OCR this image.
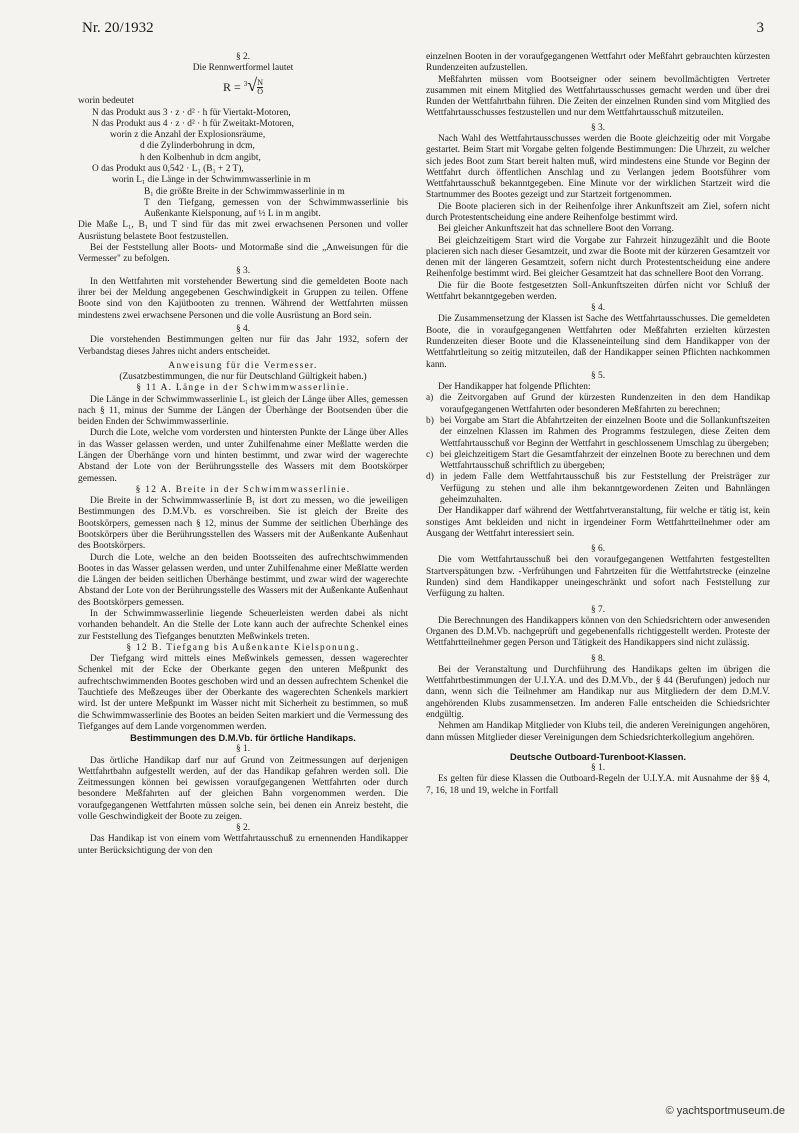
Nr. 20/1932	3

§ 2.

Die Rennwertformel lautet

$R = ^3√ \frac{N}{O}$

worin bedeutet

N das Produkt aus 3 · z · d² · h für Viertakt-Motoren,

N das Produkt aus 4 · z · d² · h für Zweitakt-Motoren,

worin z die Anzahl der Explosionsräume,

d die Zylinderbohrung in dcm,

h den Kolbenhub in dcm angibt,

O das Produkt aus 0,542 · L₁ (B₁ + 2 T),

worin L₁ die Länge in der Schwimmwasserlinie in m

B₁ die größte Breite in der Schwimmwasserlinie in m

T den Tiefgang, gemessen von der Schwimmwasserlinie bis Außenkante Kielsponung, auf ½ L in m angibt.

Die Maße L₁, B₁ und T sind für das mit zwei erwachsenen Personen und voller Ausrüstung belastete Boot festzustellen.

Bei der Feststellung aller Boots- und Motormaße sind die „Anweisungen für die Vermesser" zu befolgen.

§ 3.

In den Wettfahrten mit vorstehender Bewertung sind die gemeldeten Boote nach ihrer bei der Meldung angegebenen Geschwindigkeit in Gruppen zu teilen. Offene Boote sind von den Kajütbooten zu trennen. Während der Wettfahrten müssen mindestens zwei erwachsene Personen und die volle Ausrüstung an Bord sein.

§ 4.

Die vorstehenden Bestimmungen gelten nur für das Jahr 1932, sofern der Verbandstag dieses Jahres nicht anders entscheidet.

Anweisung für die Vermesser.

(Zusatzbestimmungen, die nur für Deutschland Gültigkeit haben.)

§ 11 A. Länge in der Schwimmwasserlinie.

Die Länge in der Schwimmwasserlinie L₁ ist gleich der Länge über Alles, gemessen nach § 11, minus der Summe der Längen der Überhänge der Bootsenden über die beiden Enden der Schwimmwasserlinie.

Durch die Lote, welche vom vordersten und hintersten Punkte der Länge über Alles in das Wasser gelassen werden, und unter Zuhilfenahme einer Meßlatte werden die Längen der Überhänge vorn und hinten bestimmt, und zwar wird der wagerechte Abstand der Lote von der Berührungsstelle des Wassers mit dem Bootskörper gemessen.

§ 12 A. Breite in der Schwimmwasserlinie.

Die Breite in der Schwimmwasserlinie B₁ ist dort zu messen, wo die jeweiligen Bestimmungen des D.M.Vb. es vorschreiben. Sie ist gleich der Breite des Bootskörpers, gemessen nach § 12, minus der Summe der seitlichen Überhänge des Bootskörpers über die Berührungsstellen des Wassers mit der Außenkante Außenhaut des Bootskörpers.

Durch die Lote, welche an den beiden Bootsseiten des aufrechtschwimmenden Bootes in das Wasser gelassen werden, und unter Zuhilfenahme einer Meßlatte werden die Längen der beiden seitlichen Überhänge bestimmt, und zwar wird der wagerechte Abstand der Lote von der Berührungsstelle des Wassers mit der Außenkante Außenhaut des Bootskörpers gemessen.

In der Schwimmwasserlinie liegende Scheuerleisten werden dabei als nicht vorhanden behandelt. An die Stelle der Lote kann auch der aufrechte Schenkel eines zur Feststellung des Tiefganges benutzten Meßwinkels treten.

§ 12 B. Tiefgang bis Außenkante Kielsponung.

Der Tiefgang wird mittels eines Meßwinkels gemessen, dessen wagerechter Schenkel mit der Ecke der Oberkante gegen den unteren Meßpunkt des aufrechtschwimmenden Bootes geschoben wird und an dessen aufrechtem Schenkel die Tauchtiefe des Meßzeuges über der Oberkante des wagerechten Schenkels markiert wird. Ist der untere Meßpunkt im Wasser nicht mit Sicherheit zu bestimmen, so muß die Schwimmwasserlinie des Bootes an beiden Seiten markiert und die Vermessung des Tiefganges auf dem Lande vorgenommen werden.

Bestimmungen des D.M.Vb. für örtliche Handikaps.

§ 1.

Das örtliche Handikap darf nur auf Grund von Zeitmessungen auf derjenigen Wettfahrtbahn aufgestellt werden, auf der das Handikap gefahren werden soll. Die Zeitmessungen können bei gewissen voraufgegangenen Wettfahrten oder durch besondere Meßfahrten auf der gleichen Bahn vorgenommen werden. Die voraufgegangenen Wettfahrten müssen solche sein, bei denen ein Anreiz besteht, die volle Geschwindigkeit der Boote zu zeigen.

§ 2.

Das Handikap ist von einem vom Wettfahrtausschuß zu ernennenden Handikapper unter Berücksichtigung der von den

einzelnen Booten in der voraufgegangenen Wettfahrt oder Meßfahrt gebrauchten kürzesten Rundenzeiten aufzustellen.

Meßfahrten müssen vom Bootseigner oder seinem bevollmächtigten Vertreter zusammen mit einem Mitglied des Wettfahrtausschusses gemacht werden und über drei Runden der Wettfahrtbahn führen. Die Zeiten der einzelnen Runden sind vom Mitglied des Wettfahrtausschusses festzustellen und nur dem Wettfahrtausschuß mitzuteilen.

§ 3.

Nach Wahl des Wettfahrtausschusses werden die Boote gleichzeitig oder mit Vorgabe gestartet. Beim Start mit Vorgabe gelten folgende Bestimmungen: Die Uhrzeit, zu welcher sich jedes Boot zum Start bereit halten muß, wird mindestens eine Stunde vor Beginn der Wettfahrt durch öffentlichen Anschlag und zu Verlangen jedem Bootsführer vom Wettfahrtausschuß bekanntgegeben. Eine Minute vor der wirklichen Startzeit wird die Startnummer des Bootes gezeigt und zur Startzeit fortgenommen.

Die Boote placieren sich in der Reihenfolge ihrer Ankunftszeit am Ziel, sofern nicht durch Protestentscheidung eine andere Reihenfolge bestimmt wird.

Bei gleicher Ankunftszeit hat das schnellere Boot den Vorrang.

Bei gleichzeitigem Start wird die Vorgabe zur Fahrzeit hinzugezählt und die Boote placieren sich nach dieser Gesamtzeit, und zwar die Boote mit der kürzeren Gesamtzeit vor denen mit der längeren Gesamtzeit, sofern nicht durch Protestentscheidung eine andere Reihenfolge bestimmt wird. Bei gleicher Gesamtzeit hat das schnellere Boot den Vorrang.

Die für die Boote festgesetzten Soll-Ankunftszeiten dürfen nicht vor Schluß der Wettfahrt bekanntgegeben werden.

§ 4.

Die Zusammensetzung der Klassen ist Sache des Wettfahrtausschusses. Die gemeldeten Boote, die in voraufgegangenen Wettfahrten oder Meßfahrten erzielten kürzesten Rundenzeiten dieser Boote und die Klasseneinteilung sind dem Handikapper von der Wettfahrtleitung so zeitig mitzuteilen, daß der Handikapper seinen Pflichten nachkommen kann.

§ 5.

Der Handikapper hat folgende Pflichten:

a) die Zeitvorgaben auf Grund der kürzesten Rundenzeiten in den dem Handikap voraufgegangenen Wettfahrten oder besonderen Meßfahrten zu berechnen;
b) bei Vorgabe am Start die Abfahrtzeiten der einzelnen Boote und die Sollankunftszeiten der einzelnen Klassen im Rahmen des Programms festzulegen, diese Zeiten dem Wettfahrtausschuß vor Beginn der Wettfahrt in geschlossenem Umschlag zu übergeben;
c) bei gleichzeitigem Start die Gesamtfahrzeit der einzelnen Boote zu berechnen und dem Wettfahrtausschuß schriftlich zu übergeben;
d) in jedem Falle dem Wettfahrtausschuß bis zur Feststellung der Preisträger zur Verfügung zu stehen und alle ihm bekanntgewordenen Zeiten und Bahnlängen geheimzuhalten.

Der Handikapper darf während der Wettfahrtveranstaltung, für welche er tätig ist, kein sonstiges Amt bekleiden und nicht in irgendeiner Form Wettfahrtteilnehmer oder am Ausgang der Wettfahrt interessiert sein.

§ 6.

Die vom Wettfahrtausschuß bei den voraufgegangenen Wettfahrten festgestellten Startverspätungen bzw. -Verfrühungen und Fahrtzeiten für die Wettfahrtstrecke (einzelne Runden) sind dem Handikapper uneingeschränkt und sofort nach Feststellung zur Verfügung zu halten.

§ 7.

Die Berechnungen des Handikappers können von den Schiedsrichtern oder anwesenden Organen des D.M.Vb. nachgeprüft und gegebenenfalls richtiggestellt werden. Proteste der Wettfahrtteilnehmer gegen Person und Tätigkeit des Handikappers sind nicht zulässig.

§ 8.

Bei der Veranstaltung und Durchführung des Handikaps gelten im übrigen die Wettfahrtbestimmungen der U.I.Y.A. und des D.M.Vb., der § 44 (Berufungen) jedoch nur dann, wenn sich die Teilnehmer am Handikap nur aus Mitgliedern der dem D.M.V. angehörenden Klubs zusammensetzen. Im anderen Falle entscheiden die Schiedsrichter endgültig.

Nehmen am Handikap Mitglieder von Klubs teil, die anderen Vereinigungen angehören, dann müssen Mitglieder dieser Vereinigungen dem Schiedsrichterkollegium angehören.

Deutsche Outboard-Turenboot-Klassen.

§ 1.

Es gelten für diese Klassen die Outboard-Regeln der U.I.Y.A. mit Ausnahme der §§ 4, 7, 16, 18 und 19, welche in Fortfall

© yachtsportmuseum.de
